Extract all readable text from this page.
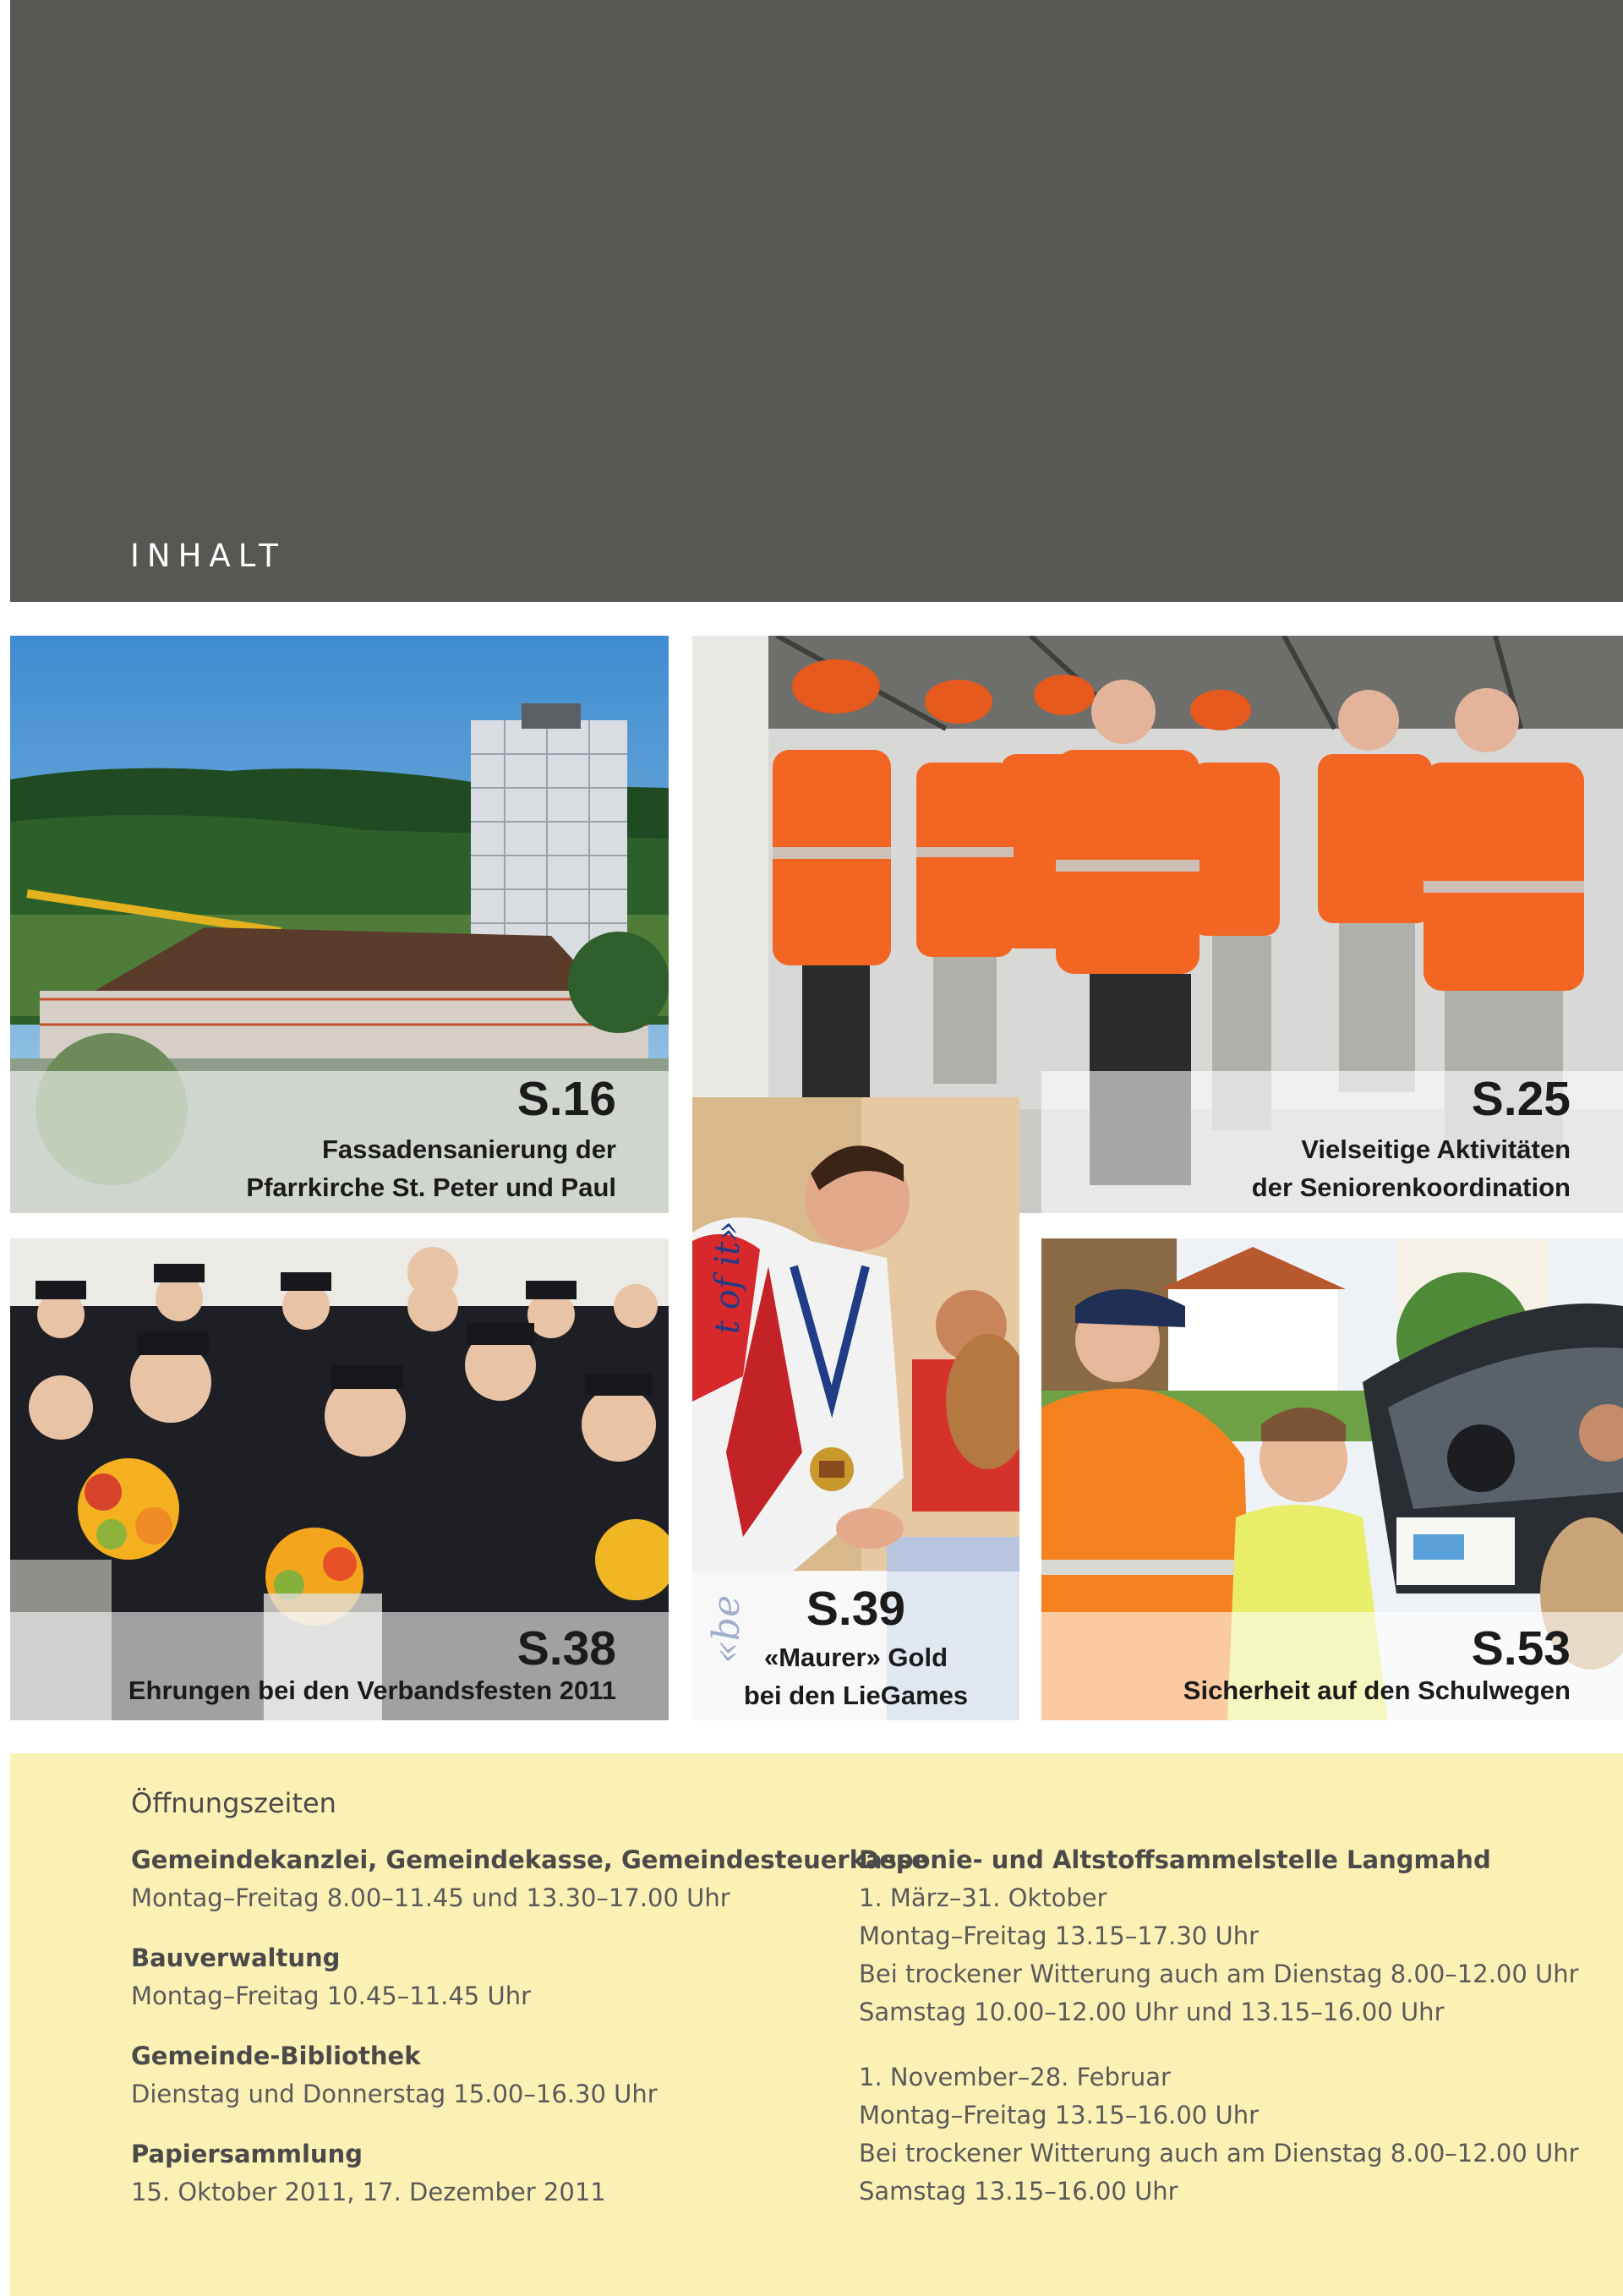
INHALT
S.16
Fassadensanierung der
Pfarrkirche St. Peter und Paul
S.25
Vielseitige Aktivitäten
der Seniorenkoordination
S.38
Ehrungen bei den Verbandsfesten 2011
t of it»
S.39
«Maurer» Gold
bei den LieGames
S.53
Sicherheit auf den Schulwegen
Öffnungszeiten
Gemeindekanzlei, Gemeindekasse, Gemeindesteuerkasse
Montag–Freitag 8.00–11.45 und 13.30–17.00 Uhr
Bauverwaltung
Montag–Freitag 10.45–11.45 Uhr
Gemeinde-Bibliothek
Dienstag und Donnerstag 15.00–16.30 Uhr
Papiersammlung
15. Oktober 2011, 17. Dezember 2011
Deponie- und Altstoffsammelstelle Langmahd
1. März–31. Oktober
Montag–Freitag 13.15–17.30 Uhr
Bei trockener Witterung auch am Dienstag 8.00–12.00 Uhr
Samstag 10.00–12.00 Uhr und 13.15–16.00 Uhr
1. November–28. Februar
Montag–Freitag 13.15–16.00 Uhr
Bei trockener Witterung auch am Dienstag 8.00–12.00 Uhr
Samstag 13.15–16.00 Uhr
